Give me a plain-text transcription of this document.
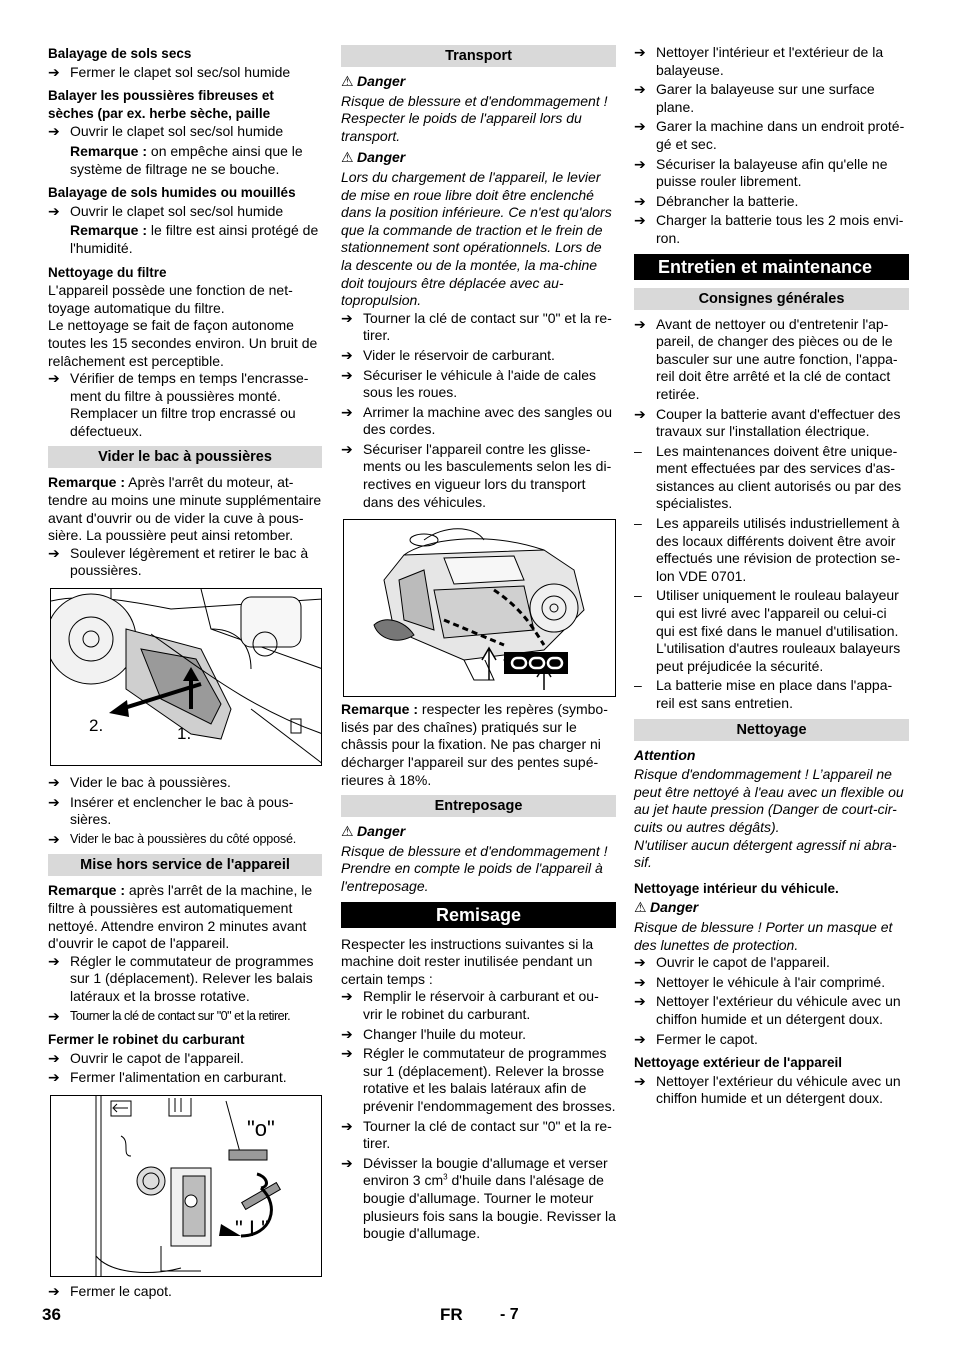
Balayage de sols secs
➔ Fermer le clapet sol sec/sol humide
Balayer les poussières fibreuses et sèches (par ex. herbe sèche, paille
➔ Ouvrir le clapet sol sec/sol humide
Remarque : on empêche ainsi que le système de filtrage ne se bouche.
Balayage de sols humides ou mouillés
➔ Ouvrir le clapet sol sec/sol humide
Remarque : le filtre est ainsi protégé de l'humidité.
Nettoyage du filtre

L'appareil possède une fonction de net-toyage automatique du filtre.

Le nettoyage se fait de façon autonome toutes les 15 secondes environ. Un bruit de relâchement est perceptible.

➔ Vérifier de temps en temps l'encrasse-ment du filtre à poussières monté. Remplacer un filtre trop encrassé ou défectueux.
Vider le bac à poussières
Remarque : Après l'arrêt du moteur, at-tendre au moins une minute supplémentaire avant d'ouvrir ou de vider la cuve à pous-sière. La poussière peut ainsi retomber.
➔ Soulever légèrement et retirer le bac à poussières.
2.	1.
➔ Vider le bac à poussières.
➔ Insérer et enclencher le bac à pous-sières.
➔ Vider le bac à poussières du côté opposé.
Mise hors service de l'appareil
Remarque : après l'arrêt de la machine, le filtre à poussières est automatiquement nettoyé. Attendre environ 2 minutes avant d'ouvrir le capot de l'appareil.
➔ Régler le commutateur de programmes sur 1 (déplacement). Relever les balais latéraux et la brosse rotative.
➔ Tourner la clé de contact sur "0" et la retirer.
Fermer le robinet du carburant
➔ Ouvrir le capot de l'appareil.
➔ Fermer l'alimentation en carburant.
"o"
" I "
➔ Fermer le capot.
Transport
⚠ Danger

Risque de blessure et d'endommagement ! Respecter le poids de l'appareil lors du transport.

⚠ Danger

Lors du chargement de l'appareil, le levier de mise en roue libre doit être enclenché dans la position inférieure. Ce n'est qu'alors que la commande de traction et le frein de stationnement sont opérationnels. Lors de la descente ou de la montée, la ma-chine doit toujours être déplacée avec au-topropulsion.

➔ Tourner la clé de contact sur "0" et la re-tirer.
➔ Vider le réservoir de carburant.
➔ Sécuriser le véhicule à l'aide de cales sous les roues.
➔ Arrimer la machine avec des sangles ou des cordes.
➔ Sécuriser l'appareil contre les glisse-ments ou les basculements selon les di-rectives en vigueur lors du transport dans des véhicules.
Remarque : respecter les repères (symbo-lisés par des chaînes) pratiqués sur le châssis pour la fixation. Ne pas charger ni décharger l'appareil sur des pentes supé-rieures à 18%.
Entreposage
⚠ Danger

Risque de blessure et d'endommagement ! Prendre en compte le poids de l'appareil à l'entreposage.

Remisage

Respecter les instructions suivantes si la machine doit rester inutilisée pendant un certain temps :

➔ Remplir le réservoir à carburant et ou-vrir le robinet du carburant.
➔ Changer l'huile du moteur.
➔ Régler le commutateur de programmes sur 1 (déplacement). Relever la brosse rotative et les balais latéraux afin de prévenir l'endommagement des brosses.
➔ Tourner la clé de contact sur "0" et la re-tirer.
➔ Dévisser la bougie d'allumage et verser environ 3 $cm^3$ d'huile dans l'alésage de bougie d'allumage. Tourner le moteur plusieurs fois sans la bougie. Revisser la bougie d'allumage.
➔ Nettoyer l'intérieur et l'extérieur de la balayeuse.
➔ Garer la balayeuse sur une surface plane.
➔ Garer la machine dans un endroit proté-gé et sec.
➔ Sécuriser la balayeuse afin qu'elle ne puisse rouler librement.
➔ Débrancher la batterie.
➔ Charger la batterie tous les 2 mois envi-ron.
Entretien et maintenance
Consignes générales
➔ Avant de nettoyer ou d'entretenir l'ap-pareil, de changer des pièces ou de le basculer sur une autre fonction, l'appa-reil doit être arrêté et la clé de contact retirée.
➔ Couper la batterie avant d'effectuer des travaux sur l'installation électrique.
– Les maintenances doivent être unique-ment effectuées par des services d'as-sistances au client autorisés ou par des spécialistes.
– Les appareils utilisés industriellement à des locaux différents doivent être avoir effectués une révision de protection se-lon VDE 0701.
– Utiliser uniquement le rouleau balayeur qui est livré avec l'appareil ou celui-ci qui est fixé dans le manuel d'utilisation. L'utilisation d'autres rouleaux balayeurs peut préjudicée la sécurité.
– La batterie mise en place dans l'appa-reil est sans entretien.
Nettoyage
Attention

Risque d'endommagement ! L’appareil ne peut être nettoyé à l'eau avec un flexible ou au jet haute pression (Danger de court-cir-cuits ou autres dégâts).

N'utiliser aucun détergent agressif ni abra-sif.

Nettoyage intérieur du véhicule.
⚠ Danger

Risque de blessure ! Porter un masque et des lunettes de protection.

➔ Ouvrir le capot de l'appareil.
➔ Nettoyer le véhicule à l'air comprimé.
➔ Nettoyer l'extérieur du véhicule avec un chiffon humide et un détergent doux.
➔ Fermer le capot.
Nettoyage extérieur de l'appareil
➔ Nettoyer l'extérieur du véhicule avec un chiffon humide et un détergent doux.
36	FR - 7
